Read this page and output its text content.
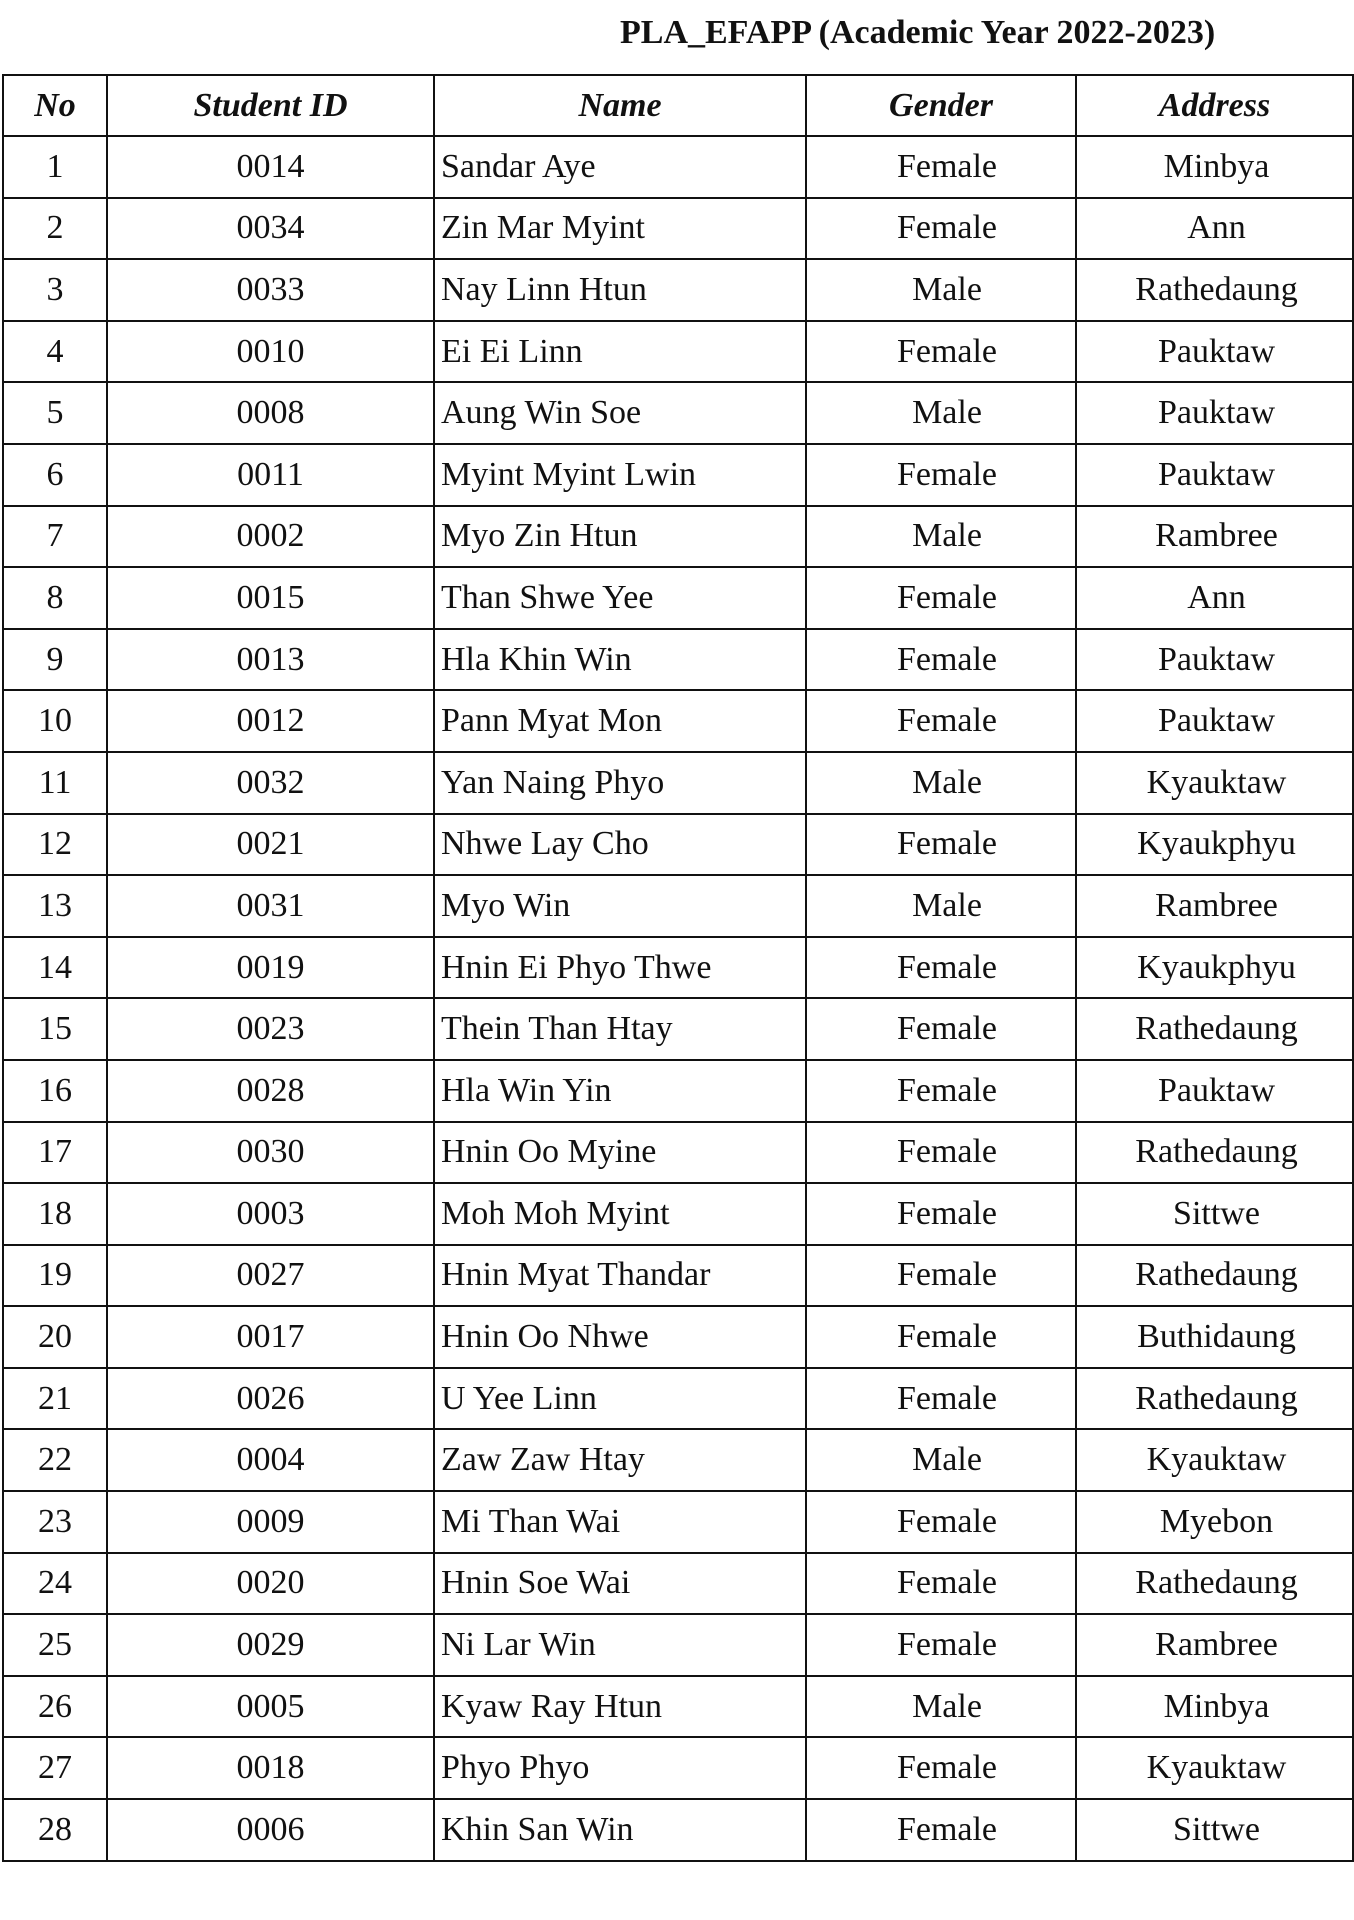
PLA_EFAPP (Academic Year 2022-2023)
No	Student ID	Name	Gender	Address
1	0014	Sandar Aye	Female	Minbya
2	0034	Zin Mar Myint	Female	Ann
3	0033	Nay Linn Htun	Male	Rathedaung
4	0010	Ei Ei Linn	Female	Pauktaw
5	0008	Aung Win Soe	Male	Pauktaw
6	0011	Myint Myint Lwin	Female	Pauktaw
7	0002	Myo Zin Htun	Male	Rambree
8	0015	Than Shwe Yee	Female	Ann
9	0013	Hla Khin Win	Female	Pauktaw
10	0012	Pann Myat Mon	Female	Pauktaw
11	0032	Yan Naing Phyo	Male	Kyauktaw
12	0021	Nhwe Lay Cho	Female	Kyaukphyu
13	0031	Myo Win	Male	Rambree
14	0019	Hnin Ei Phyo Thwe	Female	Kyaukphyu
15	0023	Thein Than Htay	Female	Rathedaung
16	0028	Hla Win Yin	Female	Pauktaw
17	0030	Hnin Oo Myine	Female	Rathedaung
18	0003	Moh Moh Myint	Female	Sittwe
19	0027	Hnin Myat Thandar	Female	Rathedaung
20	0017	Hnin Oo Nhwe	Female	Buthidaung
21	0026	U Yee Linn	Female	Rathedaung
22	0004	Zaw Zaw Htay	Male	Kyauktaw
23	0009	Mi Than Wai	Female	Myebon
24	0020	Hnin Soe Wai	Female	Rathedaung
25	0029	Ni Lar Win	Female	Rambree
26	0005	Kyaw Ray Htun	Male	Minbya
27	0018	Phyo Phyo	Female	Kyauktaw
28	0006	Khin San Win	Female	Sittwe
